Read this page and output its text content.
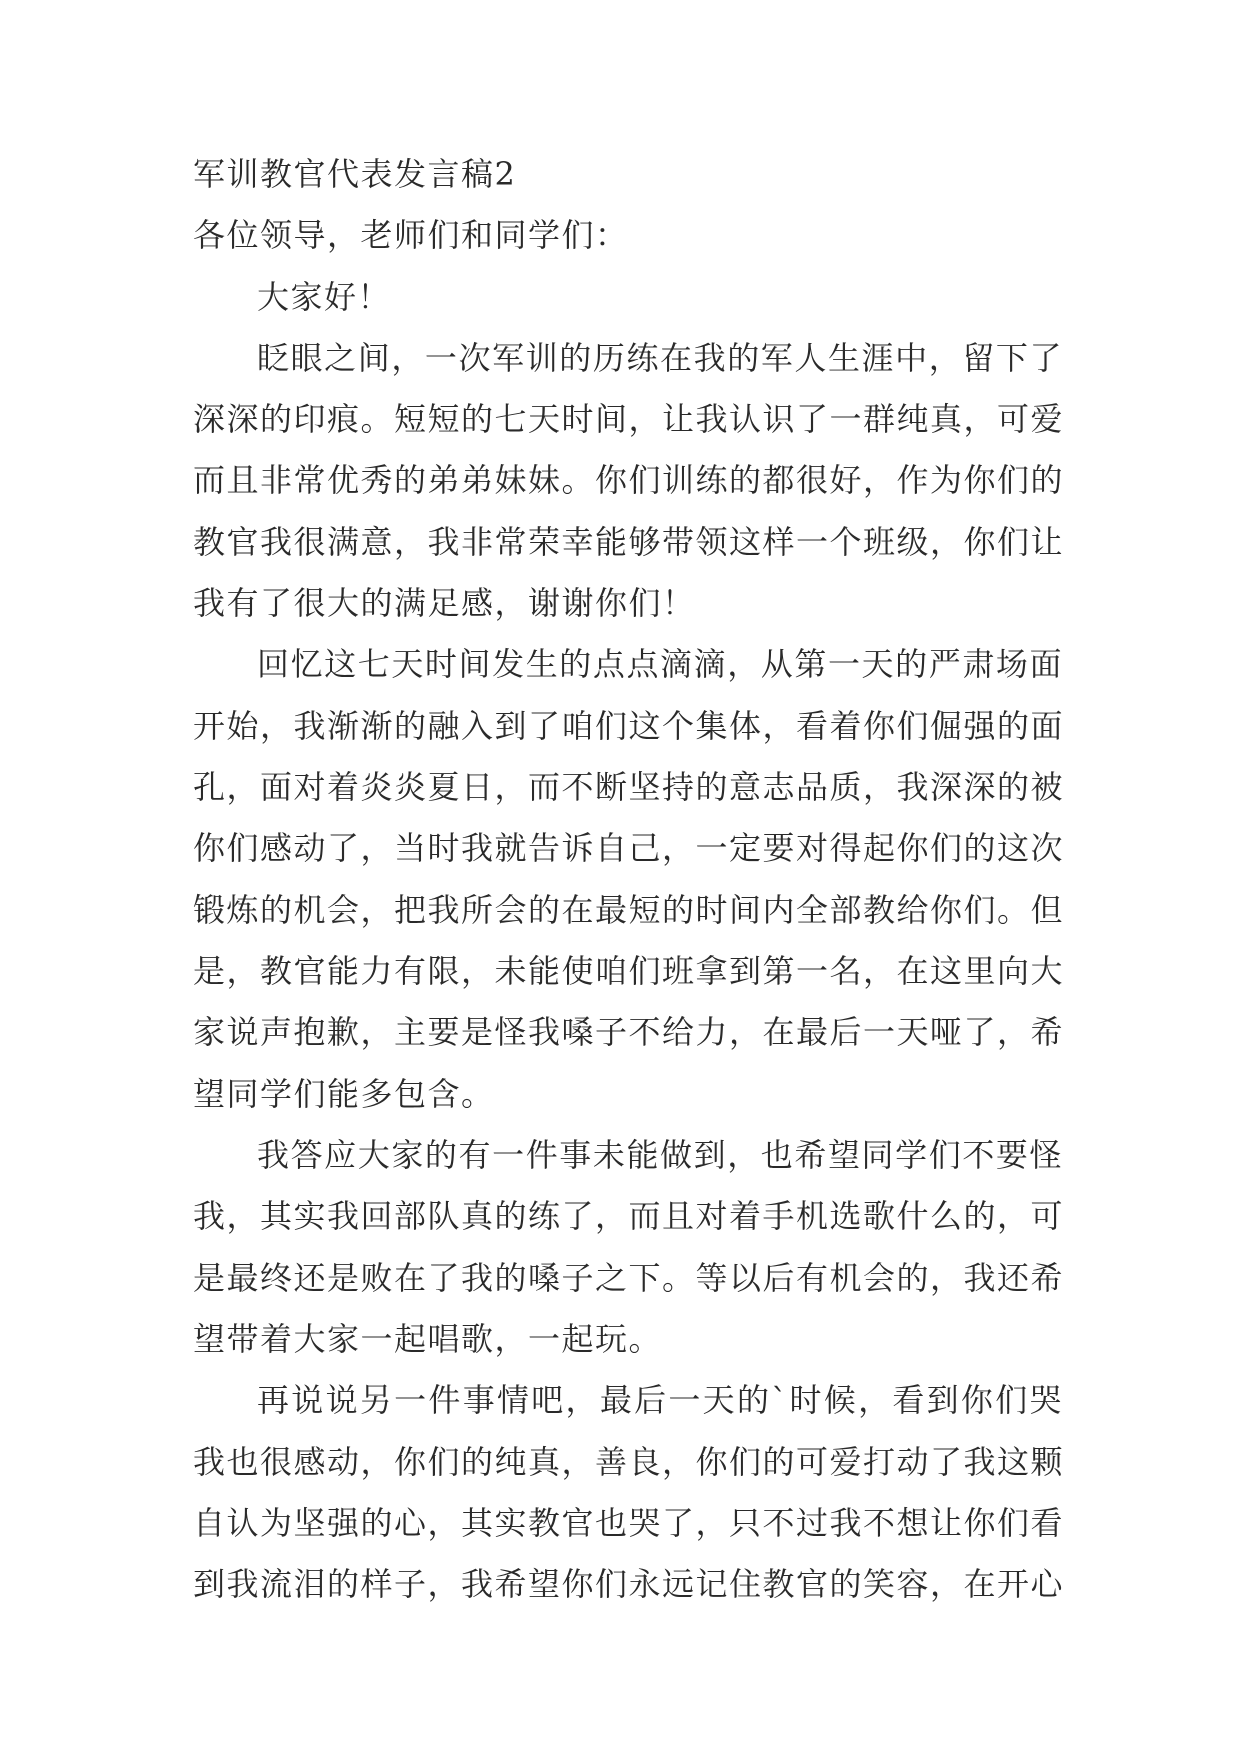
军训教官代表发言稿2
各位领导，老师们和同学们：
大家好！
眨眼之间，一次军训的历练在我的军人生涯中，留下了
深深的印痕。短短的七天时间，让我认识了一群纯真，可爱
而且非常优秀的弟弟妹妹。你们训练的都很好，作为你们的
教官我很满意，我非常荣幸能够带领这样一个班级，你们让
我有了很大的满足感，谢谢你们！
回忆这七天时间发生的点点滴滴，从第一天的严肃场面
开始，我渐渐的融入到了咱们这个集体，看着你们倔强的面
孔，面对着炎炎夏日，而不断坚持的意志品质，我深深的被
你们感动了，当时我就告诉自己，一定要对得起你们的这次
锻炼的机会，把我所会的在最短的时间内全部教给你们。但
是，教官能力有限，未能使咱们班拿到第一名，在这里向大
家说声抱歉，主要是怪我嗓子不给力，在最后一天哑了，希
望同学们能多包含。
我答应大家的有一件事未能做到，也希望同学们不要怪
我，其实我回部队真的练了，而且对着手机选歌什么的，可
是最终还是败在了我的嗓子之下。等以后有机会的，我还希
望带着大家一起唱歌，一起玩。
再说说另一件事情吧，最后一天的`时候，看到你们哭
我也很感动，你们的纯真，善良，你们的可爱打动了我这颗
自认为坚强的心，其实教官也哭了，只不过我不想让你们看
到我流泪的样子，我希望你们永远记住教官的笑容，在开心
